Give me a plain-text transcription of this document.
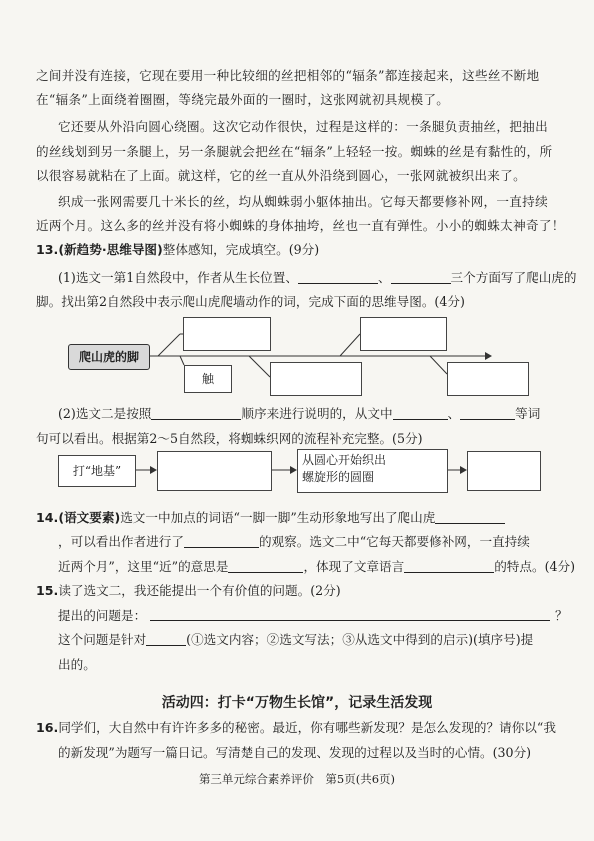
之间并没有连接，它现在要用一种比较细的丝把相邻的“辐条”都连接起来，这些丝不断地
在“辐条”上面绕着圈圈，等绕完最外面的一圈时，这张网就初具规模了。
它还要从外沿向圆心绕圈。这次它动作很快，过程是这样的：一条腿负责抽丝，把抽出
的丝线划到另一条腿上，另一条腿就会把丝在“辐条”上轻轻一按。蜘蛛的丝是有黏性的，所
以很容易就粘在了上面。就这样，它的丝一直从外沿绕到圆心，一张网就被织出来了。
织成一张网需要几十米长的丝，均从蜘蛛弱小躯体抽出。它每天都要修补网，一直持续
近两个月。这么多的丝并没有将小蜘蛛的身体抽垮，丝也一直有弹性。小小的蜘蛛太神奇了！
13.(新趋势·思维导图)整体感知，完成填空。(9分)
(1)选文一第1自然段中，作者从生长位置、	、	三个方面写了爬山虎的
脚。找出第2自然段中表示爬山虎爬墙动作的词，完成下面的思维导图。(4分)
爬山虎的脚
触
(2)选文二是按照	顺序来进行说明的，从文中	、	等词
句可以看出。根据第2～5自然段，将蜘蛛织网的流程补充完整。(5分)
打“地基”
从圆心开始织出
螺旋形的圆圈
14.(语文要素)选文一中加点的词语“一脚一脚”生动形象地写出了爬山虎
，可以看出作者进行了	的观察。选文二中“它每天都要修补网，一直持续
近两个月”，这里“近”的意思是	，体现了文章语言	的特点。(4分)
15.读了选文二，我还能提出一个有价值的问题。(2分)
提出的问题是：	？
这个问题是针对	(①选文内容；②选文写法；③从选文中得到的启示)(填序号)提
出的。
活动四：打卡“万物生长馆”，记录生活发现
16.同学们，大自然中有许许多多的秘密。最近，你有哪些新发现？是怎么发现的？请你以“我
的新发现”为题写一篇日记。写清楚自己的发现、发现的过程以及当时的心情。(30分)
第三单元综合素养评价　第5页(共6页)
